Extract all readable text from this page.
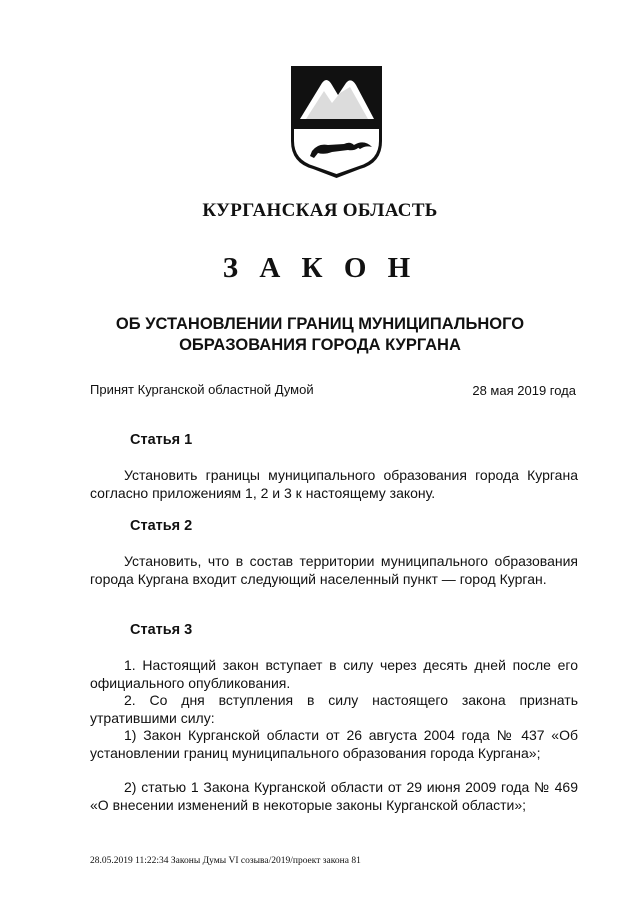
КУРГАНСКАЯ ОБЛАСТЬ
З А К О Н
ОБ УСТАНОВЛЕНИИ ГРАНИЦ МУНИЦИПАЛЬНОГО
ОБРАЗОВАНИЯ ГОРОДА КУРГАНА
Принят Курганской областной Думой	28 мая 2019 года
Статья 1
Установить границы муниципального образования города Кургана согласно приложениям 1, 2 и 3 к настоящему закону.
Статья 2
Установить, что в состав территории муниципального образования города Кургана входит следующий населенный пункт — город Курган.
Статья 3
1. Настоящий закон вступает в силу через десять дней после его официального опубликования.
2. Со дня вступления в силу настоящего закона признать утратившими силу:
1) Закон Курганской области от 26 августа 2004 года № 437 «Об установлении границ муниципального образования города Кургана»;
2) статью 1 Закона Курганской области от 29 июня 2009 года № 469 «О внесении изменений в некоторые законы Курганской области»;
28.05.2019 11:22:34 Законы Думы VI созыва/2019/проект закона 81
